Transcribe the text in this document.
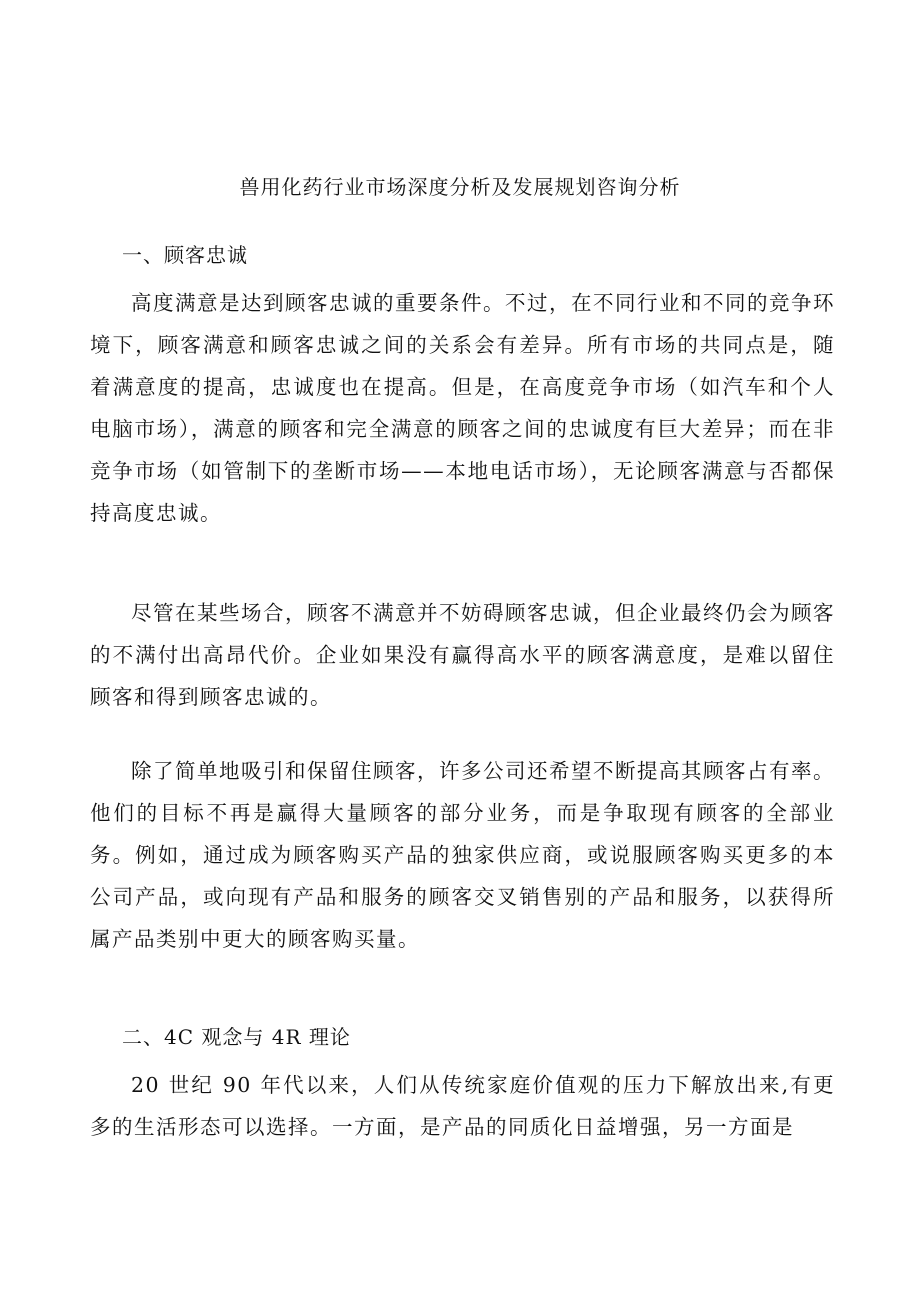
兽用化药行业市场深度分析及发展规划咨询分析
一、顾客忠诚

高度满意是达到顾客忠诚的重要条件。不过，在不同行业和不同的竞争环境下，顾客满意和顾客忠诚之间的关系会有差异。所有市场的共同点是，随着满意度的提高，忠诚度也在提高。但是，在高度竞争市场（如汽车和个人电脑市场），满意的顾客和完全满意的顾客之间的忠诚度有巨大差异；而在非竞争市场（如管制下的垄断市场——本地电话市场），无论顾客满意与否都保持高度忠诚。

尽管在某些场合，顾客不满意并不妨碍顾客忠诚，但企业最终仍会为顾客的不满付出高昂代价。企业如果没有赢得高水平的顾客满意度，是难以留住顾客和得到顾客忠诚的。

除了简单地吸引和保留住顾客，许多公司还希望不断提高其顾客占有率。他们的目标不再是赢得大量顾客的部分业务，而是争取现有顾客的全部业务。例如，通过成为顾客购买产品的独家供应商，或说服顾客购买更多的本公司产品，或向现有产品和服务的顾客交叉销售别的产品和服务，以获得所属产品类别中更大的顾客购买量。

二、4C 观念与 4R 理论

20 世纪 90 年代以来，人们从传统家庭价值观的压力下解放出来,有更多的生活形态可以选择。一方面，是产品的同质化日益增强，另一方面是
